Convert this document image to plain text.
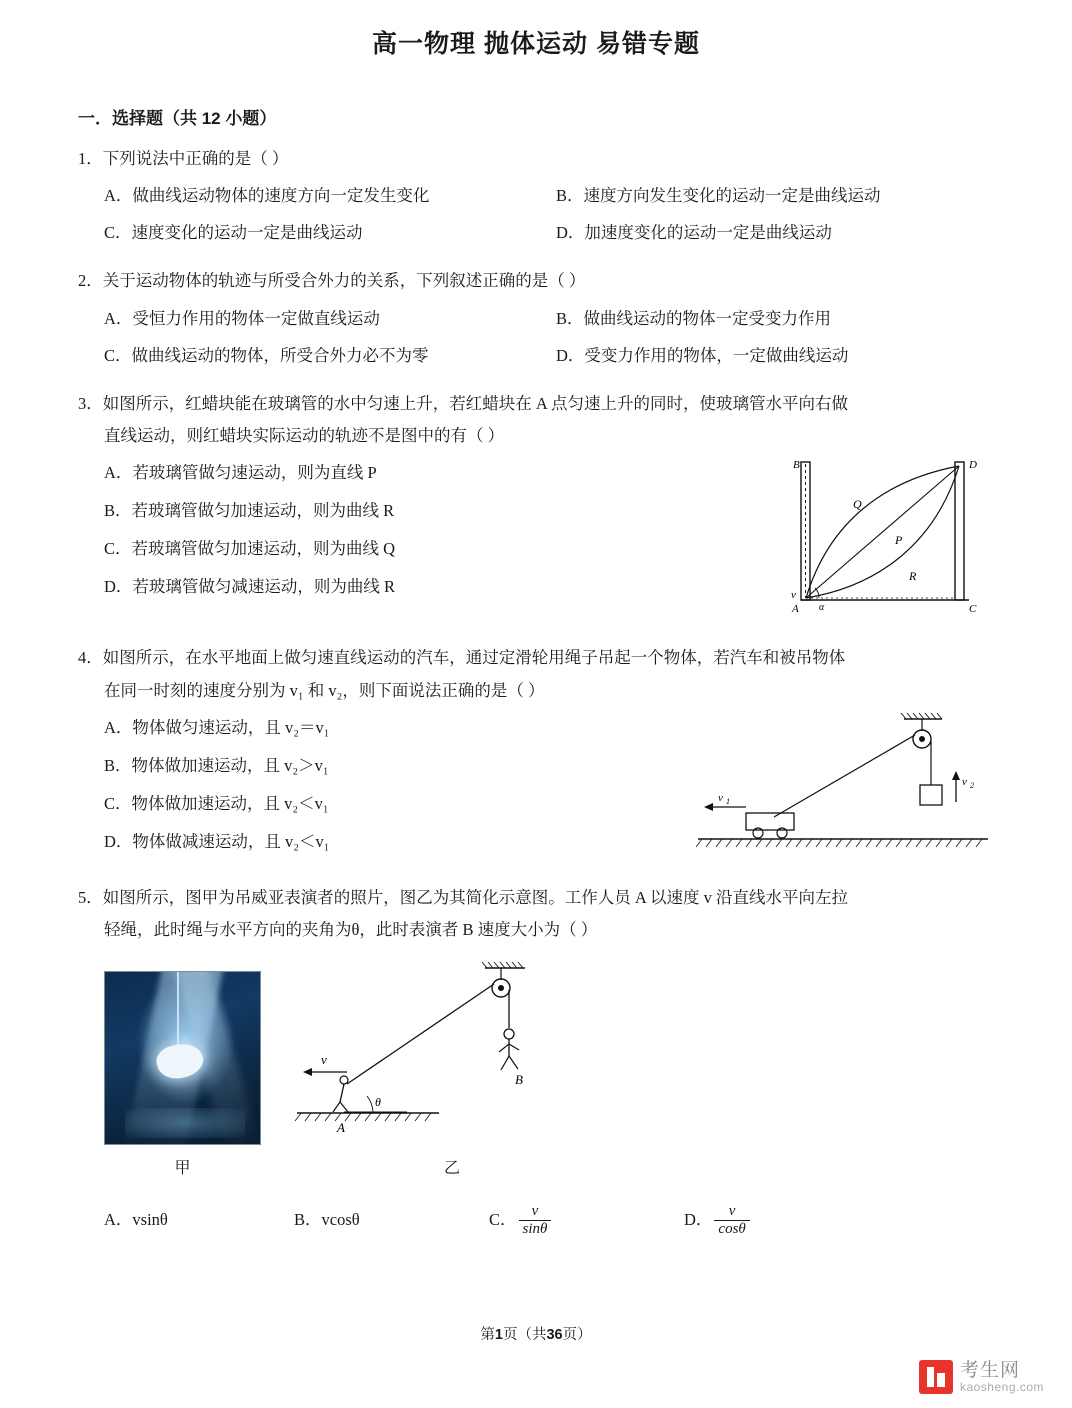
高一物理 抛体运动 易错专题
一．选择题（共 12 小题）
1．下列说法中正确的是（ ）
A．做曲线运动物体的速度方向一定发生变化	B．速度方向发生变化的运动一定是曲线运动
C．速度变化的运动一定是曲线运动	D．加速度变化的运动一定是曲线运动
2．关于运动物体的轨迹与所受合外力的关系，下列叙述正确的是（ ）
A．受恒力作用的物体一定做直线运动	B．做曲线运动的物体一定受变力作用
C．做曲线运动的物体，所受合外力必不为零	D．受变力作用的物体，一定做曲线运动
3．如图所示，红蜡块能在玻璃管的水中匀速上升，若红蜡块在 A 点匀速上升的同时，使玻璃管水平向右做
直线运动，则红蜡块实际运动的轨迹不是图中的有（ ）
B	D
v
A	C
α
Q
P
R
A．若玻璃管做匀速运动，则为直线 P
B．若玻璃管做匀加速运动，则为曲线 R
C．若玻璃管做匀加速运动，则为曲线 Q
D．若玻璃管做匀减速运动，则为曲线 R
4．如图所示，在水平地面上做匀速直线运动的汽车，通过定滑轮用绳子吊起一个物体，若汽车和被吊物体
在同一时刻的速度分别为 v₁ 和 v₂，则下面说法正确的是（ ）
v 2
v 1
A．物体做匀速运动，且 v₂＝v₁
B．物体做加速运动，且 v₂＞v₁
C．物体做加速运动，且 v₂＜v₁
D．物体做减速运动，且 v₂＜v₁
5．如图所示，图甲为吊威亚表演者的照片，图乙为其简化示意图。工作人员 A 以速度 v 沿直线水平向左拉
轻绳，此时绳与水平方向的夹角为θ，此时表演者 B 速度大小为（ ）
甲
B
θ
v
A
乙
A．vsinθ	B．vcosθ	C． $\frac{v}{\sin\theta}$	D． $\frac{v}{\cos\theta}$
第1页（共36页）
考生网
kaosheng.com
